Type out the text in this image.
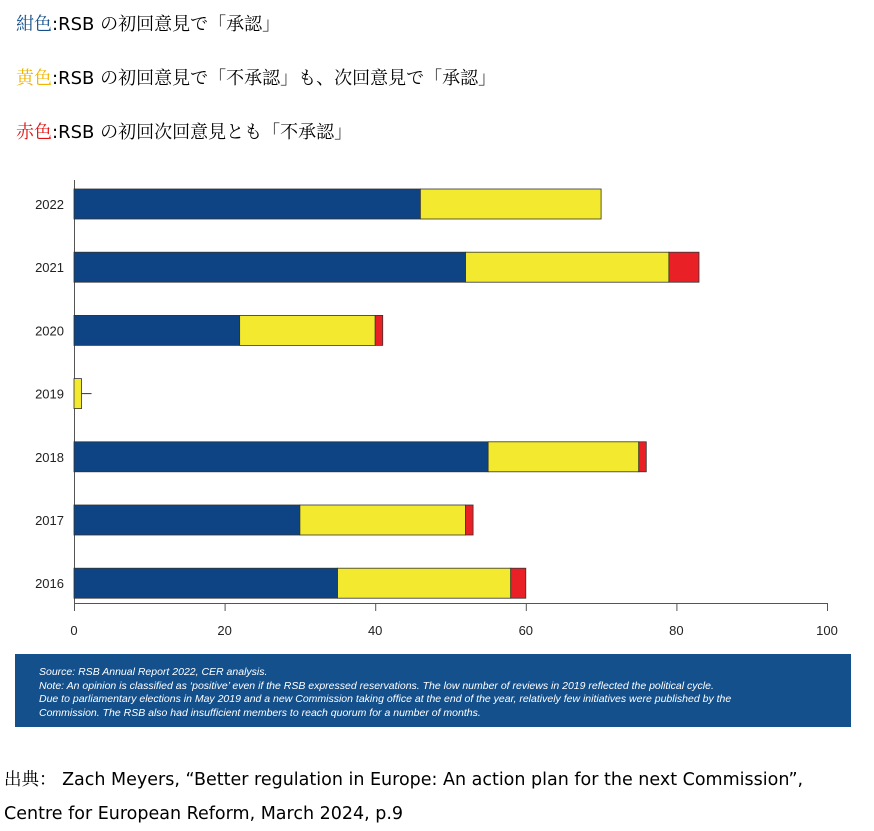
紺色:RSB の初回意見で「承認」
黄色:RSB の初回意見で「不承認」も、次回意見で「承認」
赤色:RSB の初回次回意見とも「不承認」
0	20	40	60	80	100
2022
2021
2020
2019
2018
2017
2016
Source: RSB Annual Report 2022, CER analysis.
Note: An opinion is classified as ‘positive’ even if the RSB expressed reservations. The low number of reviews in 2019 reflected the political cycle.
Due to parliamentary elections in May 2019 and a new Commission taking office at the end of the year, relatively few initiatives were published by the
Commission. The RSB also had insufficient members to reach quorum for a number of months.
出典： Zach Meyers, “Better regulation in Europe: An action plan for the next Commission”,
Centre for European Reform, March 2024, p.9
